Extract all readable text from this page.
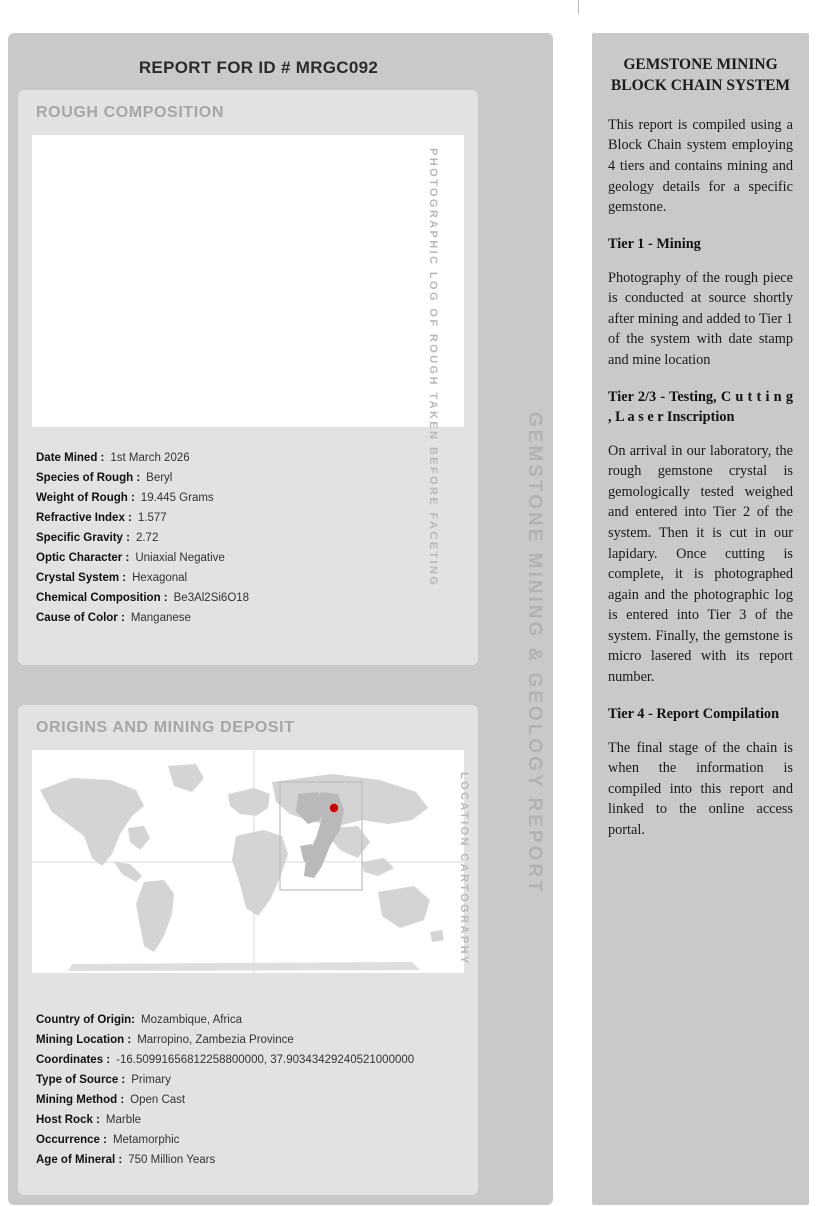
REPORT FOR ID # MRGC092
GEMSTONE MINING & GEOLOGY REPORT
ROUGH COMPOSITION
PHOTOGRAPHIC LOG OF ROUGH TAKEN BEFORE FACETING
Date Mined : 1st March 2026
Species of Rough : Beryl
Weight of Rough : 19.445 Grams
Refractive Index : 1.577
Specific Gravity : 2.72
Optic Character : Uniaxial Negative
Crystal System : Hexagonal
Chemical Composition : Be3Al2Si6O18
Cause of Color : Manganese
ORIGINS AND MINING DEPOSIT
LOCATION CARTOGRAPHY
Country of Origin: Mozambique, Africa
Mining Location : Marropino, Zambezia Province
Coordinates : -16.50991656812258800000, 37.90343429240521000000
Type of Source : Primary
Mining Method : Open Cast
Host Rock : Marble
Occurrence : Metamorphic
Age of Mineral : 750 Million Years
GEMSTONE MINING BLOCK CHAIN SYSTEM

This report is compiled using a Block Chain system employing 4 tiers and contains mining and geology details for a specific gemstone.

Tier 1 - Mining

Photography of the rough piece is conducted at source shortly after mining and added to Tier 1 of the system with date stamp and mine location

Tier 2/3 - Testing, C u t t i n g , L a s e r Inscription

On arrival in our laboratory, the rough gemstone crystal is gemologically tested weighed and entered into Tier 2 of the system. Then it is cut in our lapidary. Once cutting is complete, it is photographed again and the photographic log is entered into Tier 3 of the system. Finally, the gemstone is micro lasered with its report number.

Tier 4 - Report Compilation

The final stage of the chain is when the information is compiled into this report and linked to the online access portal.
